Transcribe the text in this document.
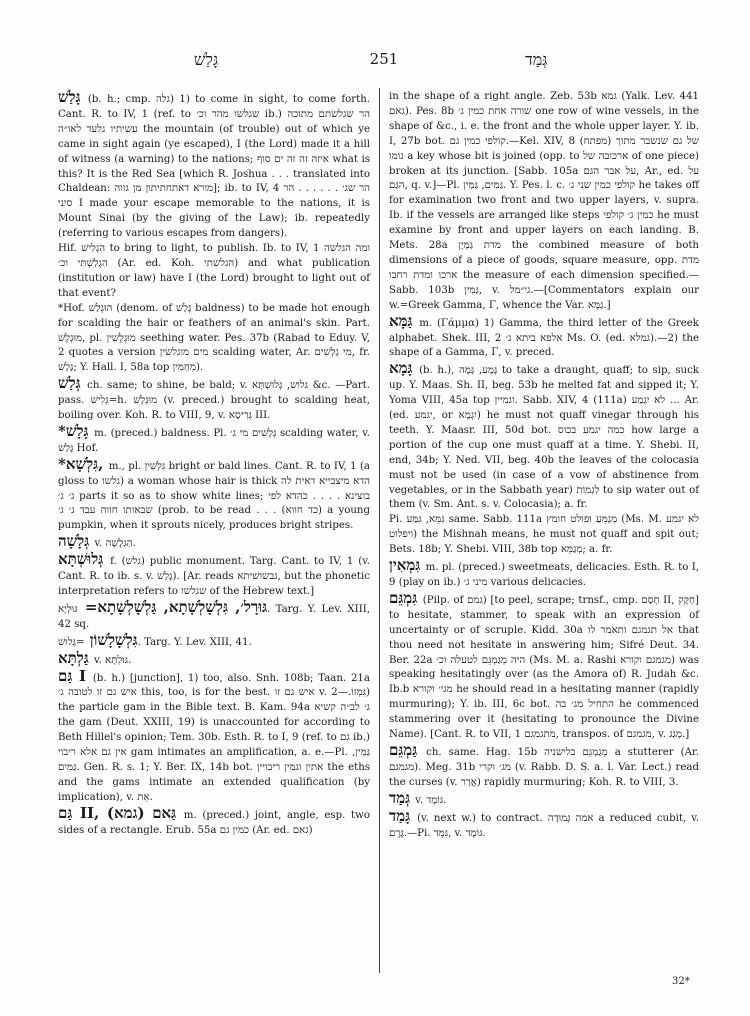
גָּלַשׁ	251	גְּמַד

גָּלַשׁ (b. h.; cmp. גלה) 1) to come in sight, to come forth. Cant. R. to IV, 1 (ref. to שגלשו מהר וכ׳ ib.) הר שגלשתם מתוכה עשיתיו גלעד לאו״ה the mountain (of trouble) out of which ye came in sight again (ye escaped), I (the Lord) made it a hill of witness (a warning) to the nations; איזה זה זה ים סוף what is this? It is the Red Sea [which R. Joshua . . . translated into Chaldean: מורא דאתחתיתון מן גווה]; ib. to IV, 4 הר שג׳ . . . . . . הר סיני I made your escape memorable to the nations, it is Mount Sinai (by the giving of the Law); ib. repeatedly (referring to various escapes from dangers).

Hif. הִגְלִישׁ to bring to light, to publish. Ib. to IV, 1 ומה הגלשה הִגְלַשְׁתִּי וכ׳ (Ar. ed. Koh. הגלשתי) and what publication (institution or law) have I (the Lord) brought to light out of that event?

*Hof. הוּגְלַשׁ (denom. of גָּלַשׁ baldness) to be made hot enough for scalding the hair or feathers of an animal's skin. Part. מוּגְלָשׁ, pl. מוּגְלָשִׁין seething water. Pes. 37b (Rabad to Eduy. V, 2 quotes a version מים מוגלשין scalding water, Ar. מי גְלָשִׁים, fr. גָּלָשׁ; Y. Hall. I, 58a top מֵחַמִּין).

גְּלַשׁ ch. same; to shine, be bald; v. גלוש, גְּלוּשְׁתָּא &c. —Part. pass. גְּלִישׁ=h. מוּגְלָשׁ (v. preced.) brought to scalding heat, boiling over. Koh. R. to VIII, 9, v. גְּרִיסָא III.

*גָּלָשׁ m. (preced.) baldness. Pl. גְּלָשִׁים מי ג׳ scalding water, v. גָּלַשׁ Hof.

*גִּלְשָׁא, m., pl. גִּלְשִׁין bright or bald lines. Cant. R. to IV, 1 (a gloss to גלשו) a woman whose hair is thick הדא מיצבייא דאית לה ג׳ ג׳ parts it so as to show white lines; בוצינא . . . . כהדא לפי שבאותו חווה עבד ג׳ ג׳ (prob. to be read . . . (כד חווא) a young pumpkin, when it sprouts nicely, produces bright stripes.

גְּלָשָׁה v. הַגְלָשָׁה.

גְּלוּשְׁתָּא f. (גלש) public monument. Targ. Cant. to IV, 1 (v. Cant. R. to ib. s. v. גָּלַשׁ). [Ar. reads גבשושיתא, but the phonetic interpretation refers to שגלשו of the Hebrew text.]

גּוּרָל׳, גִּלְשָׁלְשָׁתָא, גַּלְשָׁלְשָׁתָא= גּוּלְיָא. Targ. Y. Lev. XIII, 42 sq.

גִּלְשָׁלָשׁוֹן =גְּלוּשִׁ. Targ. Y. Lev. XIII, 41.

גַּלְתָּא v. גּוּלְתָּא.

גַּם I (b. h.) [junction], 1) too, also. Snh. 108b; Taan. 21a איש גם זו לטובה ג׳ this, too, is for the best. איש גם זו v. גִּמְזוֹ.—2) the particle gam in the Bible text. B. Kam. 94a ג׳ לב״ה קשיא the gam (Deut. XXIII, 19) is unaccounted for according to Beth Hillel's opinion; Tem. 30b. Esth. R. to I, 9 (ref. to גם ib.) אין גם אלא ריבוי gam intimates an amplification, a. e.—Pl. גַּמִּין, גַּמִּים. Gen. R. s. 1; Y. Ber. IX, 14b bot. אתין וגמין ריבויין the eths and the gams intimate an extended qualification (by implication), v. אֵת.

גַּם II, גַּאם (גמא) m. (preced.) joint, angle, esp. two sides of a rectangle. Erub. 55a כמין גם (Ar. ed. גאם)

in the shape of a right angle. Zeb. 53b גמא (Yalk. Lev. 441 גאם). Pes. 8b שורה אחת כמין ג׳ one row of wine vessels, in the shape of &c., i. e. the front and the whole upper layer. Y. ib. I, 27b bot. קולפי כמין גם.—Kel. XIV, 8 (מפתח) של גם שנשבר מתוך גומו a key whose bit is joined (opp. to ארכובה של of one piece) broken at its junction. [Sabb. 105a על אבר הגם, Ar., ed. על הגַּם, q. v.]—Pl. גַּמִּים, גַּמִּין. Y. Pes. l. c. קולפי כמין שני ג׳ he takes off for examination two front and two upper layers, v. supra. Ib. if the vessels are arranged like steps כמין ג׳ קולפי he must examine by front and upper layers on each landing. B. Mets. 28a מדת גַּמְּיָן the combined measure of both dimensions of a piece of goods, square measure, opp. מדת ארכו ומדת רחבו the measure of each dimension specified.—Sabb. 103b גַּמִּין, v. גי״מל.—[Commentators explain our w.=Greek Gamma, Γ, whence the Var. גַּמָּא.]

גַּמָּא m. (Γάμμα) 1) Gamma, the third letter of the Greek alphabet. Shek. III, 2 אלפא ביתא ג׳ Ms. O. (ed. גמלא).—2) the shape of a Gamma, Γ, v. preced.

גָּמָא (b. h.), גָּמַע, גְּמָה to take a draught, quaff; to sip, suck up. Y. Maas. Sh. II, beg. 53b he melted fat and sipped it; Y. Yoma VIII, 45a top וגמיין. Sabb. XIV, 4 (111a) לא יִגְמַע ... Ar. (ed. יגמע, or יִגְמָא) he must not quaff vinegar through his teeth. Y. Maasr. III, 50d bot. כמה יגמע בכוס how large a portion of the cup one must quaff at a time. Y. Shebi. II, end, 34b; Y. Ned. VII, beg. 40b the leaves of the colocasia must not be used (in case of a vow of abstinence from vegetables, or in the Sabbath year) לִגְמוֹת to sip water out of them (v. Sm. Ant. s. v. Colocasia); a. fr.

Pi. גִּמֵּא, גִּמַּע same. Sabb. 111a מְגַמֵּעַ ופולט חומץ (Ms. M. לא יגמע ויפלוט) the Mishnah means, he must not quaff and spit out; Bets. 18b; Y. Shebi. VIII, 38b top מְגַמֵּא; a. fr.

גִּמְאִין m. pl. (preced.) sweetmeats, delicacies. Esth. R. to I, 9 (play on ib.) מיני ג׳ various delicacies.

גִּמְגֵּם (Pilp. of גמם) [to peel, scrape; trnsf., cmp. חָסַם II, חַקָּק] to hesitate, stammer, to speak with an expression of uncertainty or of scruple. Kidd. 30a אל תגמגם ותאמר לו that thou need not hesitate in answering him; Sifré Deut. 34. Ber. 22a היה מְגַמְגֵּם לטעלה וכ׳ (Ms. M. a. Rashi מגמגם וקורא) was speaking hesitatingly over (as the Amora of) R. Judah &c. Ib.b מגי׳ וקורא he should read in a hesitating manner (rapidly murmuring); Y. ib. III, 6c bot. התחיל מג׳ בה he commenced stammering over it (hesitating to pronounce the Divine Name). [Cant. R. to VII, 1 מתגמגם, transpos. of מגמגם, v. מְגַג.]

גַּמְגֵּם ch. same. Hag. 15b מְגַמְגֵּם בלישניה a stutterer (Ar. מגמגם). Meg. 31b מג׳ וקרי (v. Rabb. D. S. a. l. Var. Lect.) read the curses (v. אֲרַר) rapidly murmuring; Koh. R. to VIII, 3.

גְּמַד v. גּוֹמֶד.

גָּמַד (v. next w.) to contract. אמה גְּמוּדָה a reduced cubit, v. גֶּרֶם.—Pi. גִּמֵּד, v. גּוֹמֶד.

32*
